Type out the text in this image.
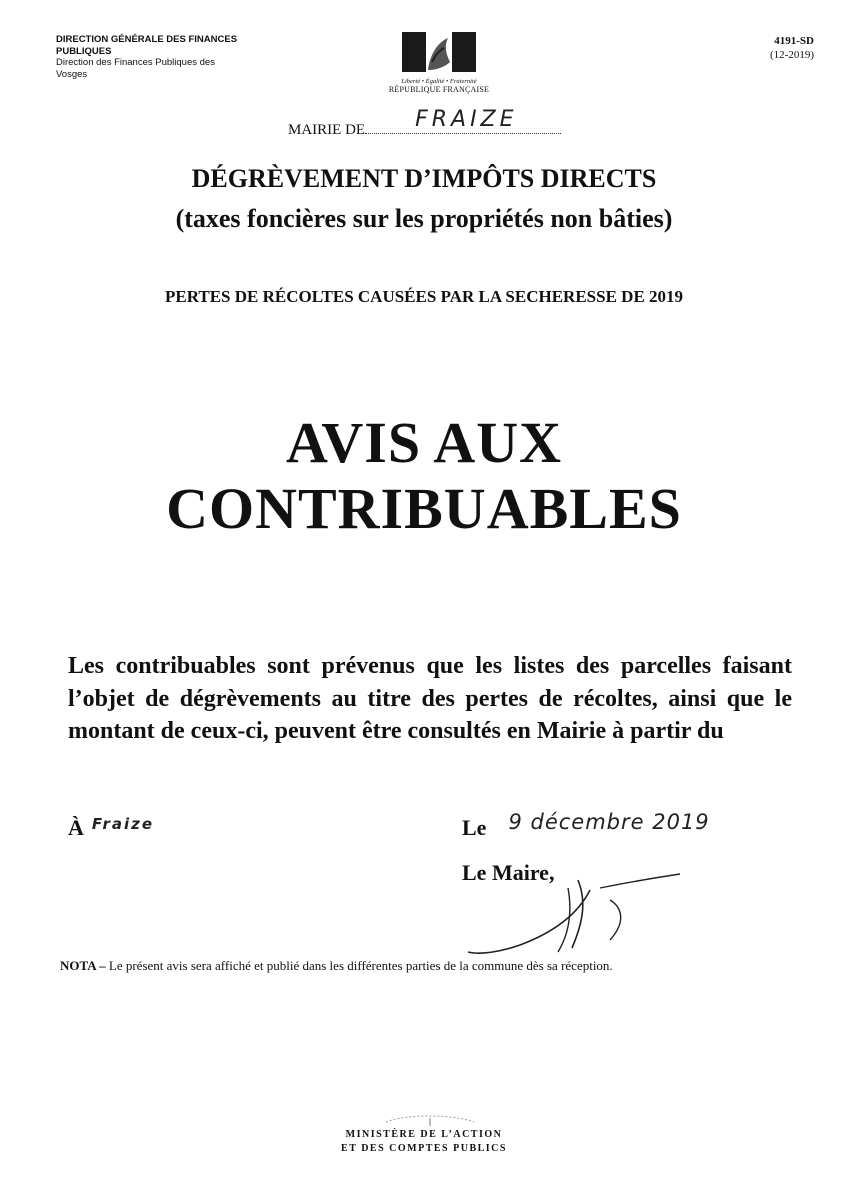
DIRECTION GÉNÉRALE DES FINANCES
PUBLIQUES
Direction des Finances Publiques des
Vosges
Liberté • Égalité • Fraternité
RÉPUBLIQUE FRANÇAISE
4191-SD
(12-2019)
MAIRIE DE FRAIZE
DÉGRÈVEMENT D’IMPÔTS DIRECTS
(taxes foncières sur les propriétés non bâties)
PERTES DE RÉCOLTES CAUSÉES PAR LA SECHERESSE DE 2019
AVIS AUX
CONTRIBUABLES
Les contribuables sont prévenus que les listes des parcelles faisant l’objet de dégrèvements au titre des pertes de récoltes, ainsi que le montant de ceux-ci, peuvent être consultés en Mairie à partir du
À $^{Fraize}$	Le 9 décembre 2019
Le Maire,
NOTA – Le présent avis sera affiché et publié dans les différentes parties de la commune dès sa réception.
MINISTÈRE DE L’ACTION
ET DES COMPTES PUBLICS
